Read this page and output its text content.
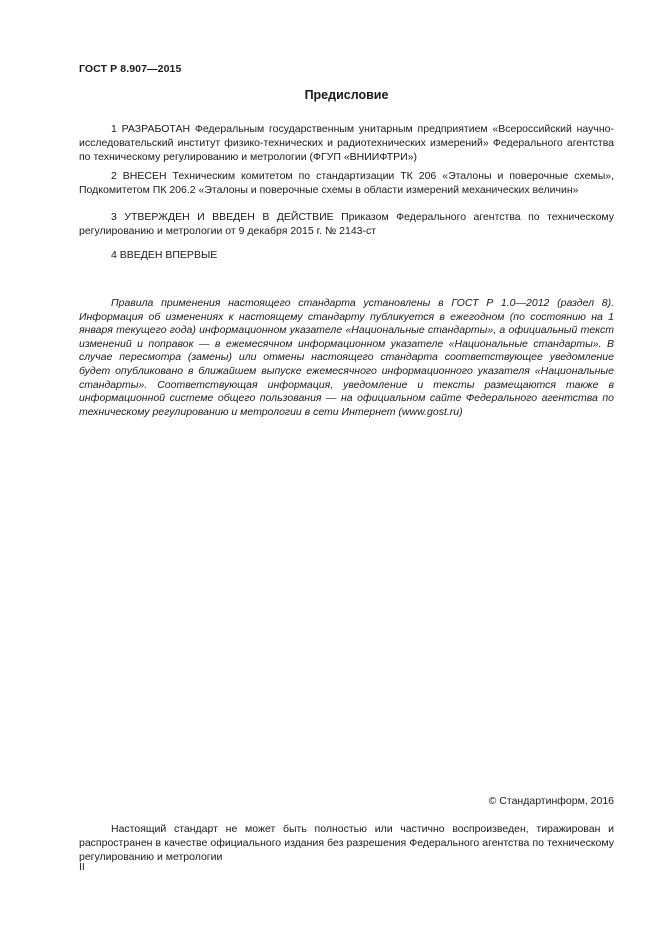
ГОСТ Р 8.907—2015
Предисловие

1 РАЗРАБОТАН Федеральным государственным унитарным предприятием «Всероссийский научно-исследовательский институт физико-технических и радиотехнических измерений» Федерального агентства по техническому регулированию и метрологии (ФГУП «ВНИИФТРИ»)

2 ВНЕСЕН Техническим комитетом по стандартизации ТК 206 «Эталоны и поверочные схемы», Подкомитетом ПК 206.2 «Эталоны и поверочные схемы в области измерений механических величин»

3 УТВЕРЖДЕН И ВВЕДЕН В ДЕЙСТВИЕ Приказом Федерального агентства по техническому регулированию и метрологии от 9 декабря 2015 г. № 2143-ст

4 ВВЕДЕН ВПЕРВЫЕ

Правила применения настоящего стандарта установлены в ГОСТ Р 1.0—2012 (раздел 8). Информация об изменениях к настоящему стандарту публикуется в ежегодном (по состоянию на 1 января текущего года) информационном указателе «Национальные стандарты», а официальный текст изменений и поправок — в ежемесячном информационном указателе «Национальные стандарты». В случае пересмотра (замены) или отмены настоящего стандарта соответствующее уведомление будет опубликовано в ближайшем выпуске ежемесячного информационного указателя «Национальные стандарты». Соответствующая информация, уведомление и тексты размещаются также в информационной системе общего пользования — на официальном сайте Федерального агентства по техническому регулированию и метрологии в сети Интернет (www.gost.ru)

© Стандартинформ, 2016

Настоящий стандарт не может быть полностью или частично воспроизведен, тиражирован и распространен в качестве официального издания без разрешения Федерального агентства по техническому регулированию и метрологии

II
